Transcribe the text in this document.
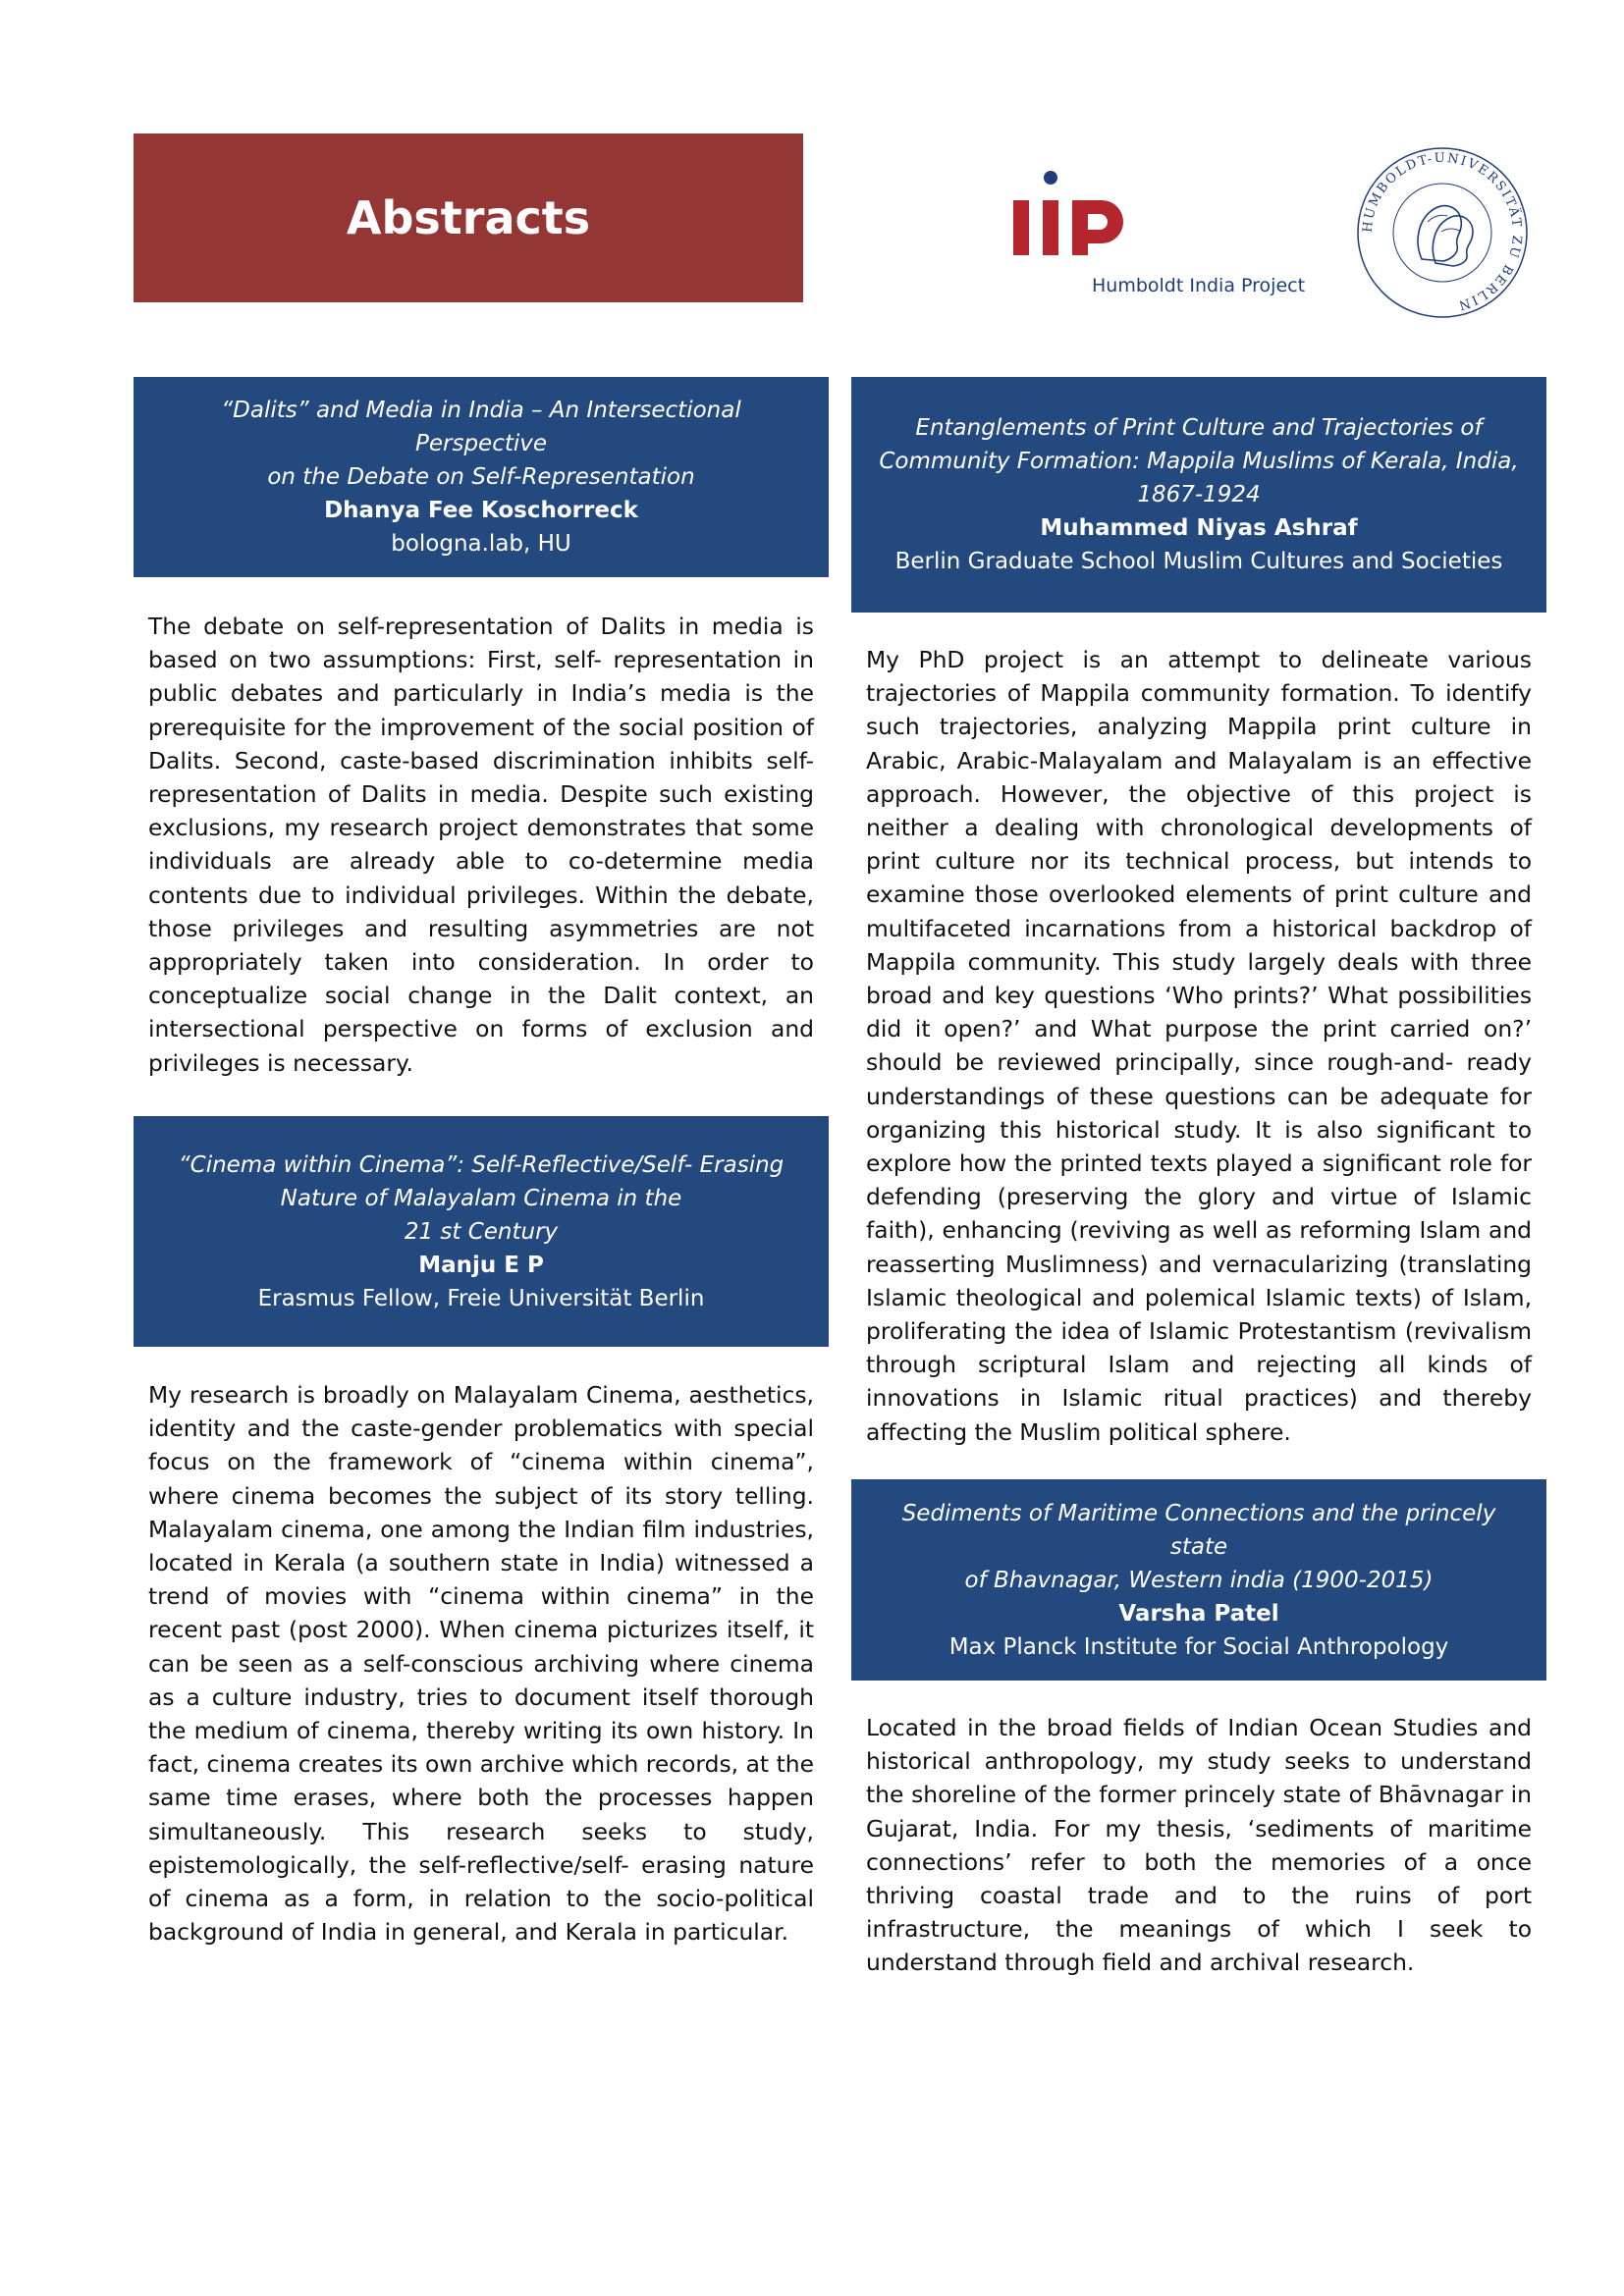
Abstracts
Humboldt India Project
HUMBOLDT-UNIVERSITÄT ZU BERLIN
“Dalits” and Media in India – An Intersectional Perspective
on the Debate on Self-Representation
Dhanya Fee Koschorreck
bologna.lab, HU
The debate on self-representation of Dalits in media is based on two assumptions: First, self- representation in public debates and particularly in India’s media is the prerequisite for the improvement of the social position of Dalits. Second, caste-based discrimination inhibits self-representation of Dalits in media. Despite such existing exclusions, my research project demonstrates that some individuals are already able to co-determine media contents due to individual privileges. Within the debate, those privileges and resulting asymmetries are not appropriately taken into consideration. In order to conceptualize social change in the Dalit context, an intersectional perspective on forms of exclusion and privileges is necessary.
Entanglements of Print Culture and Trajectories of
Community Formation: Mappila Muslims of Kerala, India,
1867-1924
Muhammed Niyas Ashraf
Berlin Graduate School Muslim Cultures and Societies
My PhD project is an attempt to delineate various trajectories of Mappila community formation. To identify such trajectories, analyzing Mappila print culture in Arabic, Arabic-Malayalam and Malayalam is an effective approach. However, the objective of this project is neither a dealing with chronological developments of print culture nor its technical process, but intends to examine those overlooked elements of print culture and multifaceted incarnations from a historical backdrop of Mappila community. This study largely deals with three broad and key questions ‘Who prints?’ What possibilities did it open?’ and What purpose the print carried on?’ should be reviewed principally, since rough-and- ready understandings of these questions can be adequate for organizing this historical study. It is also significant to explore how the printed texts played a significant role for defending (preserving the glory and virtue of Islamic faith), enhancing (reviving as well as reforming Islam and reasserting Muslimness) and vernacularizing (translating Islamic theological and polemical Islamic texts) of Islam, proliferating the idea of Islamic Protestantism (revivalism through scriptural Islam and rejecting all kinds of innovations in Islamic ritual practices) and thereby affecting the Muslim political sphere.
“Cinema within Cinema”: Self-Reflective/Self- Erasing
Nature of Malayalam Cinema in the
21 st Century
Manju E P
Erasmus Fellow, Freie Universität Berlin
My research is broadly on Malayalam Cinema, aesthetics, identity and the caste-gender problematics with special focus on the framework of “cinema within cinema”, where cinema becomes the subject of its story telling. Malayalam cinema, one among the Indian film industries, located in Kerala (a southern state in India) witnessed a trend of movies with “cinema within cinema” in the recent past (post 2000). When cinema picturizes itself, it can be seen as a self-conscious archiving where cinema as a culture industry, tries to document itself thorough the medium of cinema, thereby writing its own history. In fact, cinema creates its own archive which records, at the same time erases, where both the processes happen simultaneously. This research seeks to study, epistemologically, the self-reflective/self- erasing nature of cinema as a form, in relation to the socio-political background of India in general, and Kerala in particular.
Sediments of Maritime Connections and the princely state
of Bhavnagar, Western india (1900-2015)
Varsha Patel
Max Planck Institute for Social Anthropology
Located in the broad fields of Indian Ocean Studies and historical anthropology, my study seeks to understand the shoreline of the former princely state of Bhāvnagar in Gujarat, India. For my thesis, ‘sediments of maritime connections’ refer to both the memories of a once thriving coastal trade and to the ruins of port infrastructure, the meanings of which I seek to understand through field and archival research.
